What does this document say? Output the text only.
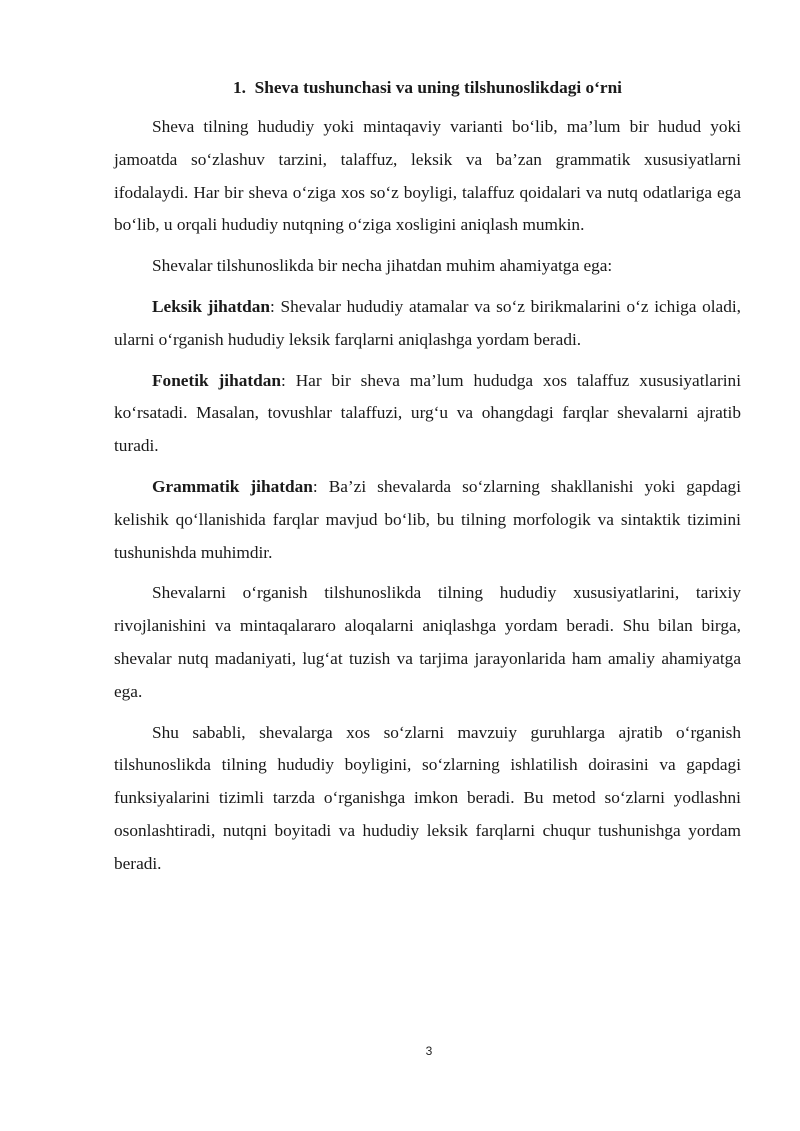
1. Sheva tushunchasi va uning tilshunoslikdagi o‘rni

Sheva tilning hududiy yoki mintaqaviy varianti bo‘lib, ma’lum bir hudud yoki jamoatda so‘zlashuv tarzini, talaffuz, leksik va ba’zan grammatik xususiyatlarni ifodalaydi. Har bir sheva o‘ziga xos so‘z boyligi, talaffuz qoidalari va nutq odatlariga ega bo‘lib, u orqali hududiy nutqning o‘ziga xosligini aniqlash mumkin.

Shevalar tilshunoslikda bir necha jihatdan muhim ahamiyatga ega:

Leksik jihatdan: Shevalar hududiy atamalar va so‘z birikmalarini o‘z ichiga oladi, ularni o‘rganish hududiy leksik farqlarni aniqlashga yordam beradi.

Fonetik jihatdan: Har bir sheva ma’lum hududga xos talaffuz xususiyatlarini ko‘rsatadi. Masalan, tovushlar talaffuzi, urg‘u va ohangdagi farqlar shevalarni ajratib turadi.

Grammatik jihatdan: Ba’zi shevalarda so‘zlarning shakllanishi yoki gapdagi kelishik qo‘llanishida farqlar mavjud bo‘lib, bu tilning morfologik va sintaktik tizimini tushunishda muhimdir.

Shevalarni o‘rganish tilshunoslikda tilning hududiy xususiyatlarini, tarixiy rivojlanishini va mintaqalararo aloqalarni aniqlashga yordam beradi. Shu bilan birga, shevalar nutq madaniyati, lug‘at tuzish va tarjima jarayonlarida ham amaliy ahamiyatga ega.

Shu sababli, shevalarga xos so‘zlarni mavzuiy guruhlarga ajratib o‘rganish tilshunoslikda tilning hududiy boyligini, so‘zlarning ishlatilish doirasini va gapdagi funksiyalarini tizimli tarzda o‘rganishga imkon beradi. Bu metod so‘zlarni yodlashni osonlashtiradi, nutqni boyitadi va hududiy leksik farqlarni chuqur tushunishga yordam beradi.

3
